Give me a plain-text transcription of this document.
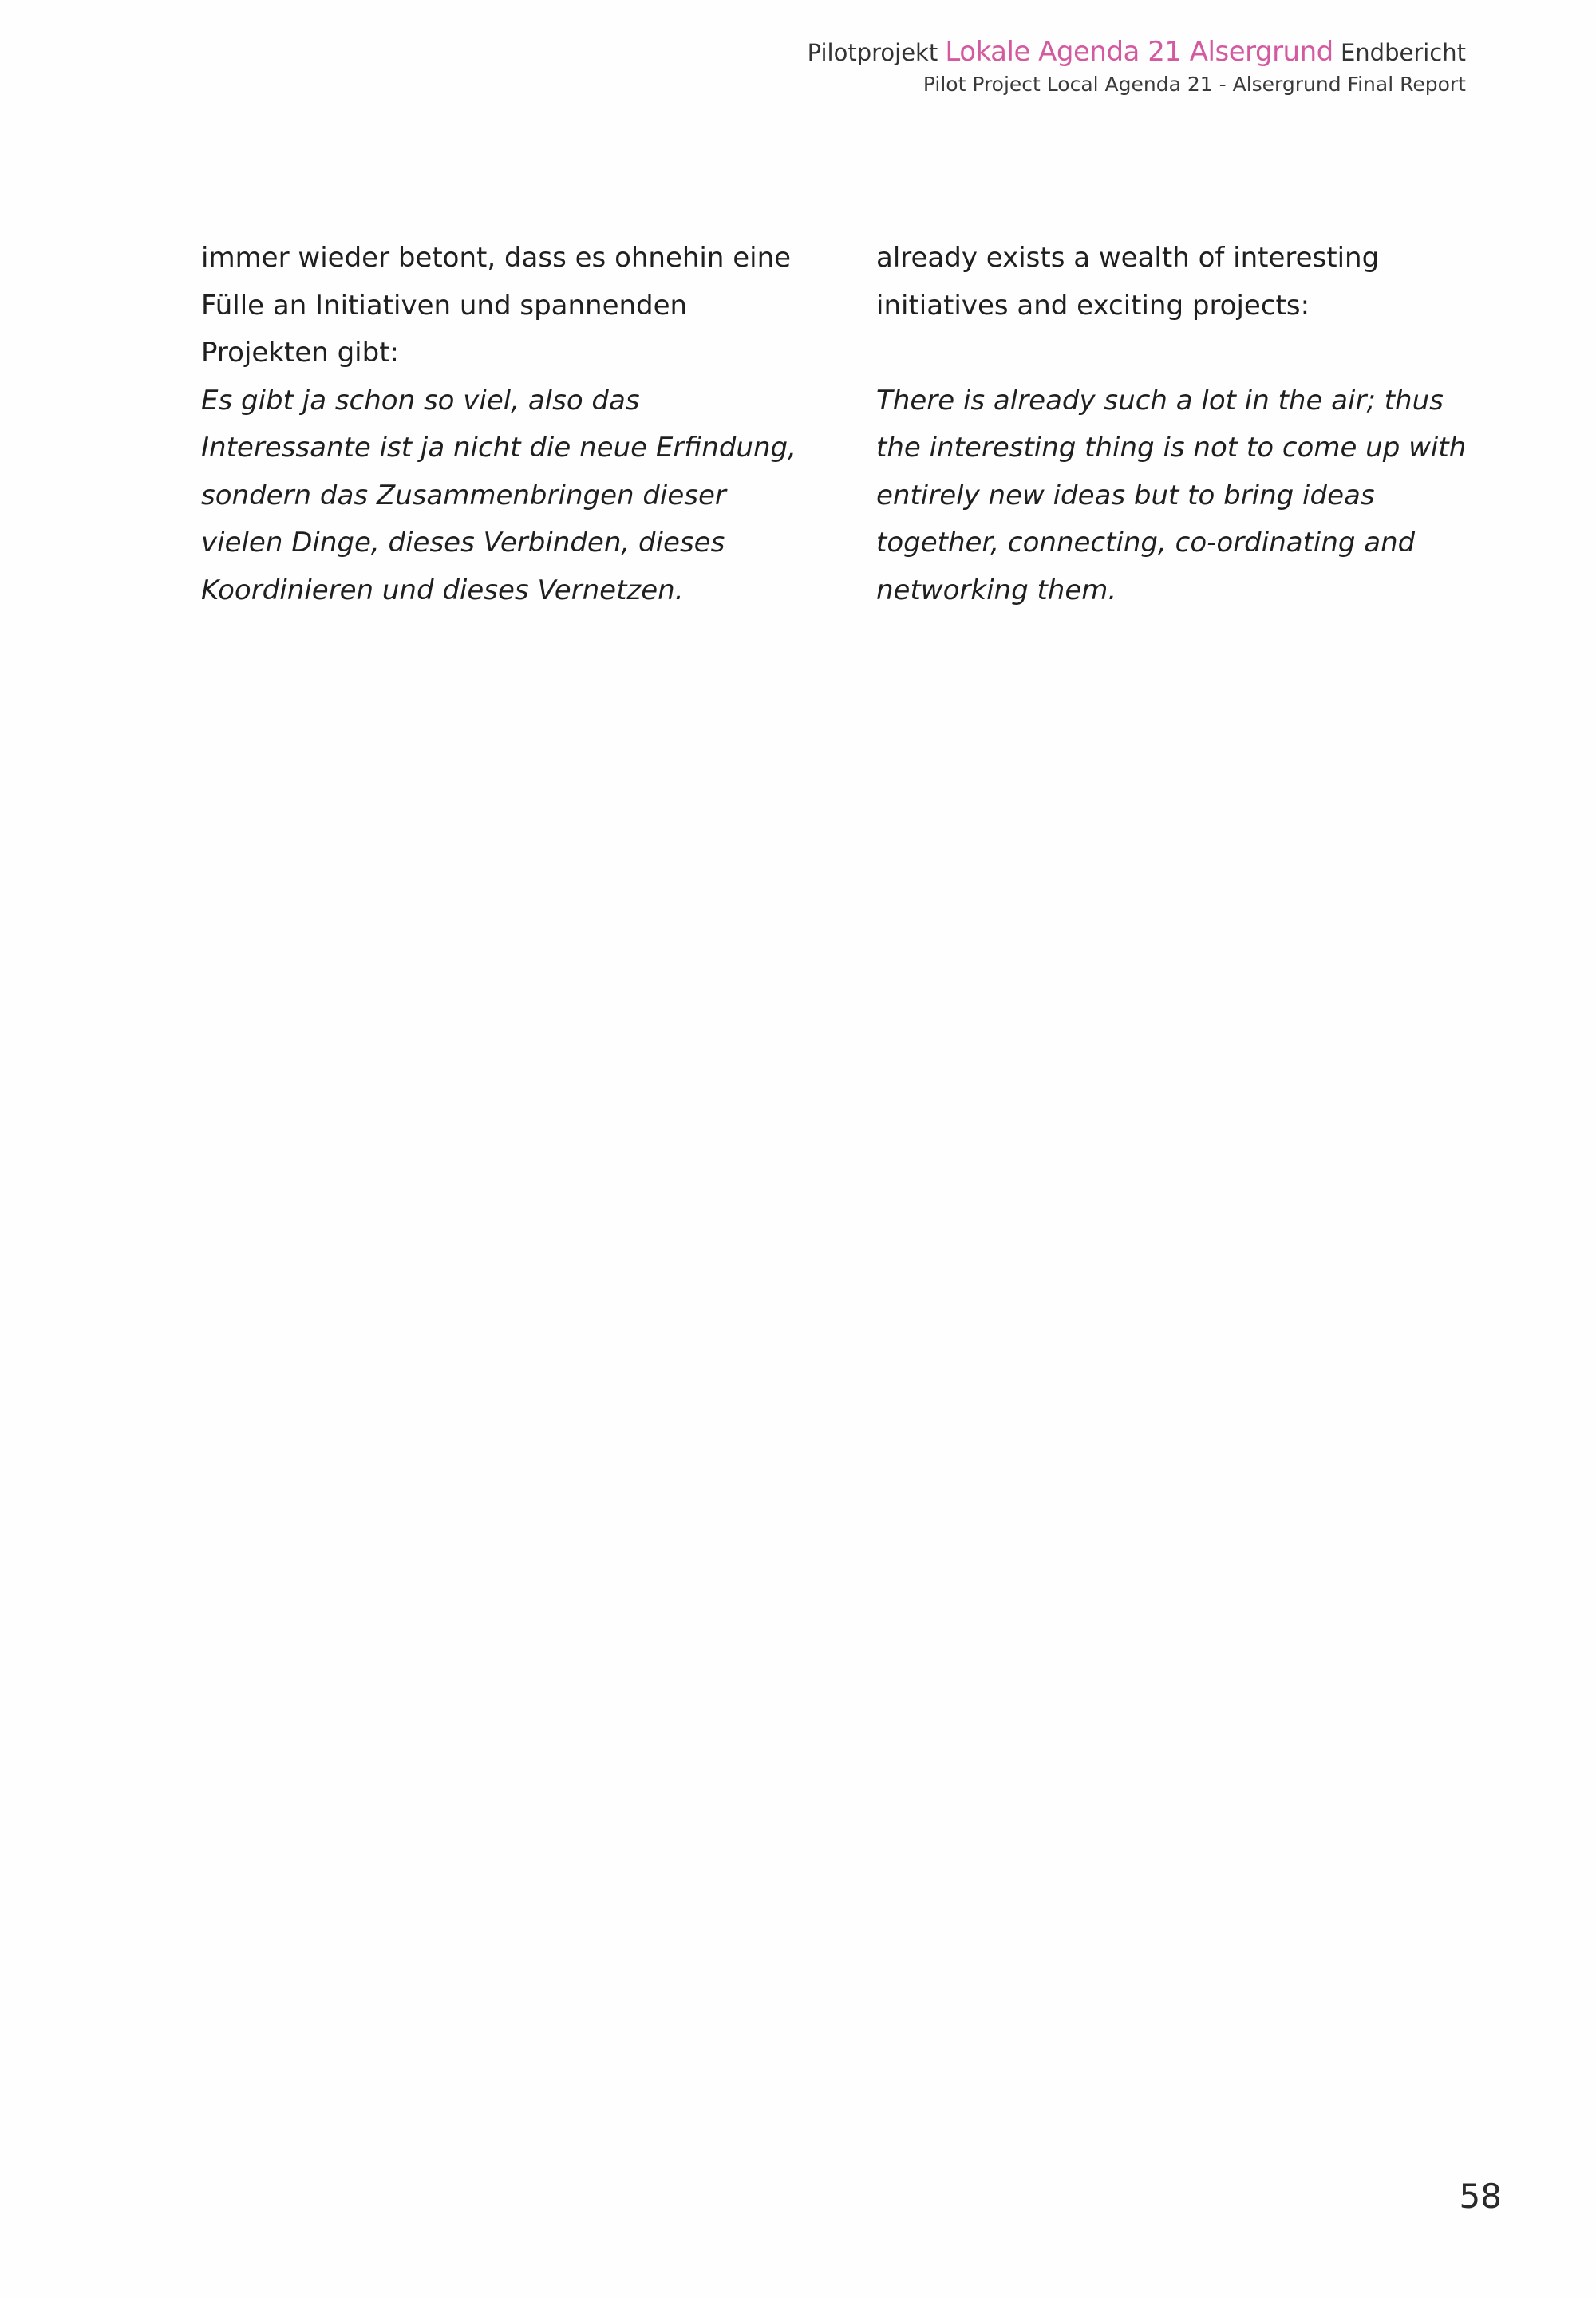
Pilotprojekt Lokale Agenda 21 Alsergrund Endbericht
Pilot Project Local Agenda 21 - Alsergrund Final Report

immer wieder betont, dass es ohnehin eine Fülle an Initiativen und spannenden Projekten gibt:

Es gibt ja schon so viel, also das Interessante ist ja nicht die neue Erfindung, sondern das Zusammenbringen dieser vielen Dinge, dieses Verbinden, dieses Koordinieren und dieses Vernetzen.

already exists a wealth of interesting initiatives and exciting projects:

There is already such a lot in the air; thus the interesting thing is not to come up with entirely new ideas but to bring ideas together, connecting, co-ordinating and networking them.

58
